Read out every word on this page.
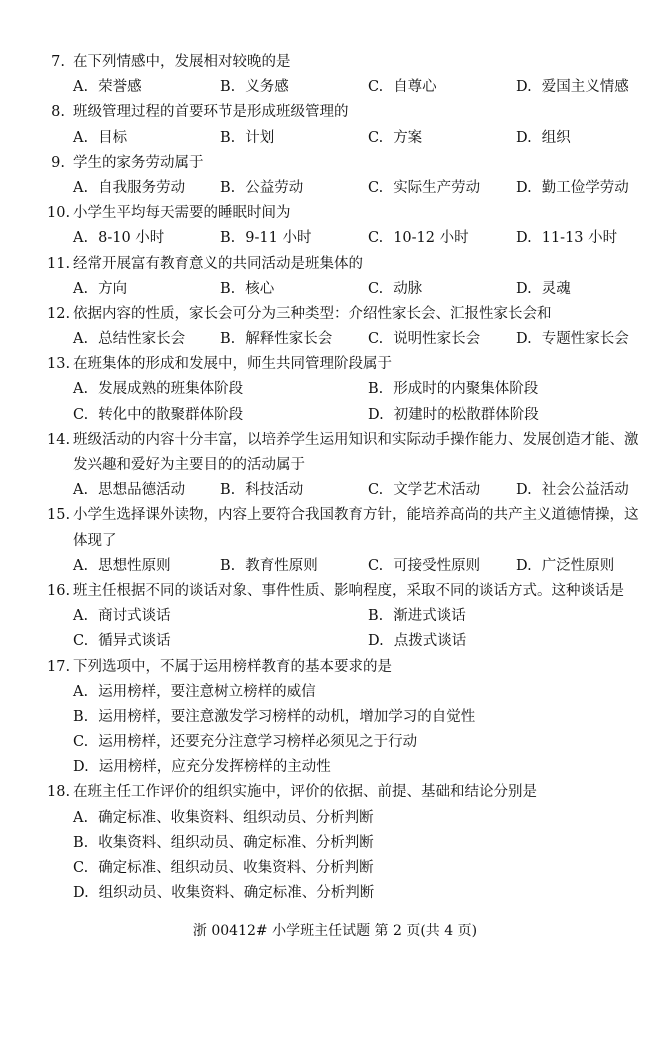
7. 在下列情感中，发展相对较晚的是
A. 荣誉感	B. 义务感	C. 自尊心	D. 爱国主义情感
8. 班级管理过程的首要环节是形成班级管理的
A. 目标	B. 计划	C. 方案	D. 组织
9. 学生的家务劳动属于
A. 自我服务劳动 B. 公益劳动	C. 实际生产劳动 D. 勤工俭学劳动
10. 小学生平均每天需要的睡眠时间为
A. 8-10 小时	B. 9-11 小时	C. 10-12 小时	D. 11-13 小时
11. 经常开展富有教育意义的共同活动是班集体的
A. 方向	B. 核心	C. 动脉	D. 灵魂
12. 依据内容的性质，家长会可分为三种类型：介绍性家长会、汇报性家长会和
A. 总结性家长会 B. 解释性家长会 C. 说明性家长会 D. 专题性家长会
13. 在班集体的形成和发展中，师生共同管理阶段属于
A. 发展成熟的班集体阶段	B. 形成时的内聚集体阶段
C. 转化中的散聚群体阶段	D. 初建时的松散群体阶段
14. 班级活动的内容十分丰富，以培养学生运用知识和实际动手操作能力、发展创造才能、激
发兴趣和爱好为主要目的的活动属于
A. 思想品德活动 B. 科技活动	C. 文学艺术活动 D. 社会公益活动
15. 小学生选择课外读物，内容上要符合我国教育方针，能培养高尚的共产主义道德情操，这
体现了
A. 思想性原则	B. 教育性原则	C. 可接受性原则 D. 广泛性原则
16. 班主任根据不同的谈话对象、事件性质、影响程度，采取不同的谈话方式。这种谈话是
A. 商讨式谈话	B. 渐进式谈话
C. 循异式谈话	D. 点拨式谈话
17. 下列选项中，不属于运用榜样教育的基本要求的是
A. 运用榜样，要注意树立榜样的威信
B. 运用榜样，要注意激发学习榜样的动机，增加学习的自觉性
C. 运用榜样，还要充分注意学习榜样必须见之于行动
D. 运用榜样，应充分发挥榜样的主动性
18. 在班主任工作评价的组织实施中，评价的依据、前提、基础和结论分别是
A. 确定标准、收集资料、组织动员、分析判断
B. 收集资料、组织动员、确定标准、分析判断
C. 确定标准、组织动员、收集资料、分析判断
D. 组织动员、收集资料、确定标准、分析判断
浙 00412# 小学班主任试题 第 2 页(共 4 页)
